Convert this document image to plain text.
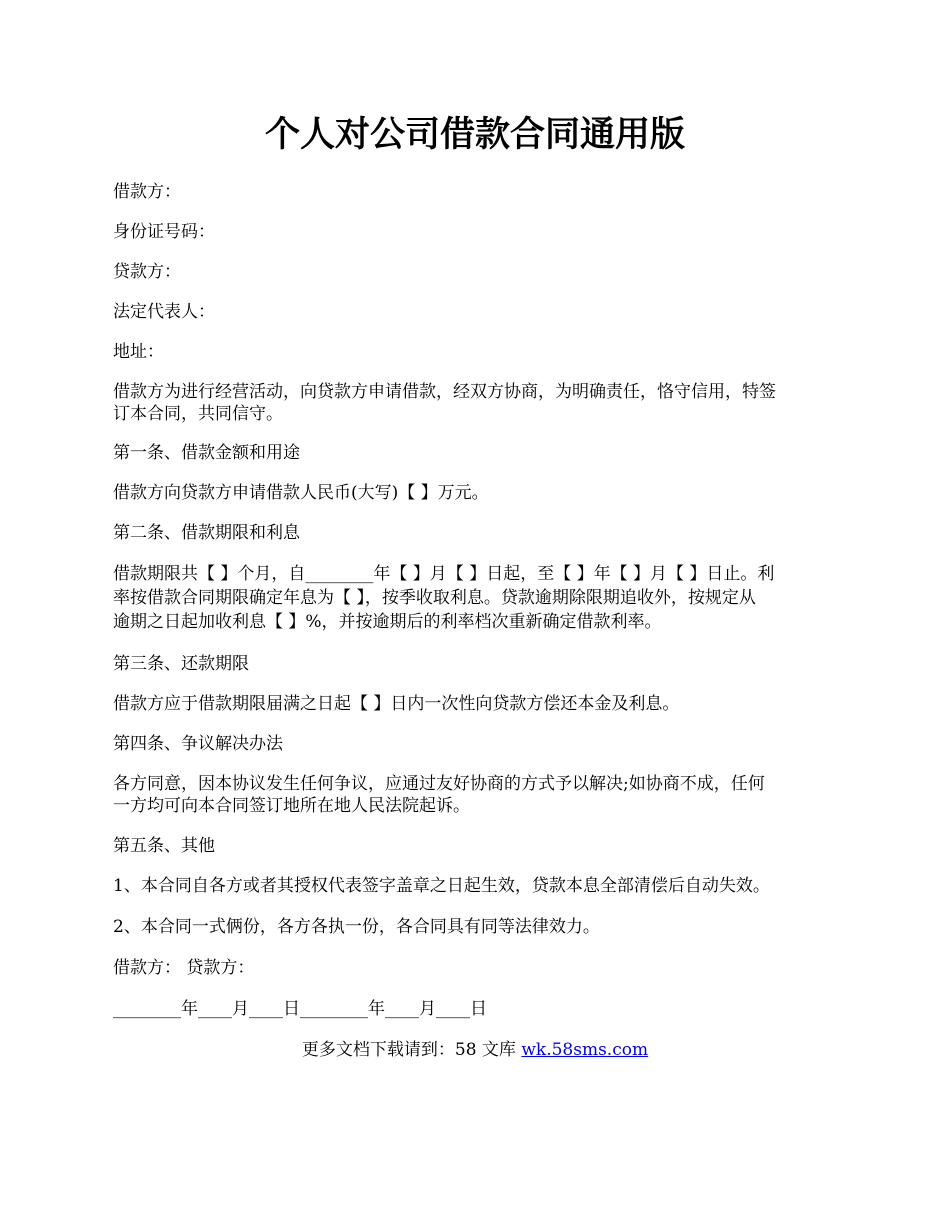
个人对公司借款合同通用版

借款方：

身份证号码：

贷款方：

法定代表人：

地址：

借款方为进行经营活动，向贷款方申请借款，经双方协商，为明确责任，恪守信用，特签

订本合同，共同信守。

第一条、借款金额和用途

借款方向贷款方申请借款人民币(大写)【 】万元。

第二条、借款期限和利息

借款期限共【 】个月，自________年【 】月【 】日起，至【 】年【 】月【 】日止。利

率按借款合同期限确定年息为【 】，按季收取利息。贷款逾期除限期追收外，按规定从

逾期之日起加收利息【 】%，并按逾期后的利率档次重新确定借款利率。

第三条、还款期限

借款方应于借款期限届满之日起【 】日内一次性向贷款方偿还本金及利息。

第四条、争议解决办法

各方同意，因本协议发生任何争议，应通过友好协商的方式予以解决;如协商不成，任何

一方均可向本合同签订地所在地人民法院起诉。

第五条、其他

1、本合同自各方或者其授权代表签字盖章之日起生效，贷款本息全部清偿后自动失效。

2、本合同一式俩份，各方各执一份，各合同具有同等法律效力。

借款方： 贷款方：

________年____月____日________年____月____日

更多文档下载请到：58 文库 wk.58sms.com
